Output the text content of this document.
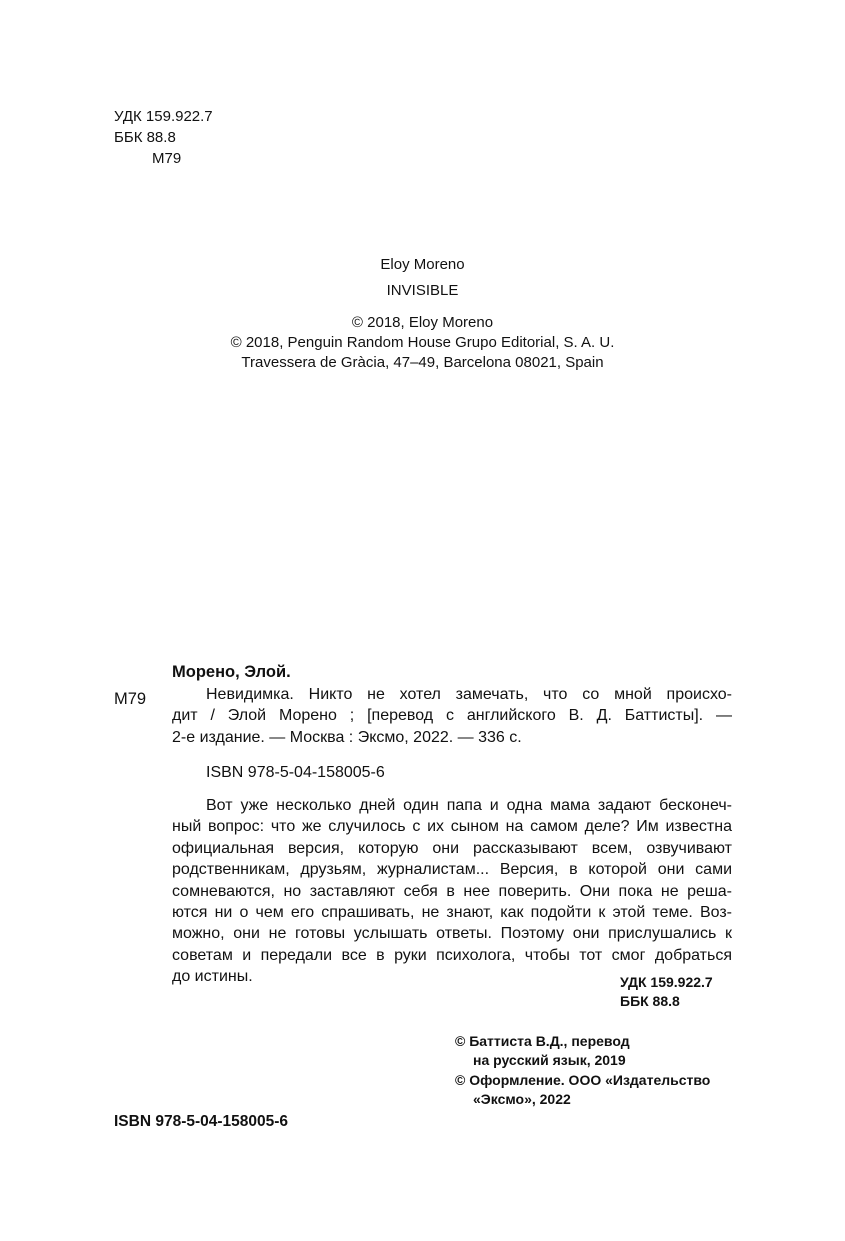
УДК 159.922.7
ББК 88.8
М79
Eloy Moreno
INVISIBLE
© 2018, Eloy Moreno
© 2018, Penguin Random House Grupo Editorial, S. A. U.
Travessera de Gràcia, 47–49, Barcelona 08021, Spain
Морено, Элой.
М79	Невидимка. Никто не хотел замечать, что со мной происхо-
дит / Элой Морено ; [перевод с английского В. Д. Баттисты]. —
2-е издание. — Москва : Эксмо, 2022. — 336 с.
ISBN 978-5-04-158005-6
Вот уже несколько дней один папа и одна мама задают бесконеч-
ный вопрос: что же случилось с их сыном на самом деле? Им известна
официальная версия, которую они рассказывают всем, озвучивают
родственникам, друзьям, журналистам... Версия, в которой они сами
сомневаются, но заставляют себя в нее поверить. Они пока не реша-
ются ни о чем его спрашивать, не знают, как подойти к этой теме. Воз-
можно, они не готовы услышать ответы. Поэтому они прислушались к
советам и передали все в руки психолога, чтобы тот смог добраться
до истины.	УДК 159.922.7
ББК 88.8
ISBN 978-5-04-158005-6
© Баттиста В.Д., перевод
на русский язык, 2019
© Оформление. ООО «Издательство
«Эксмо», 2022
